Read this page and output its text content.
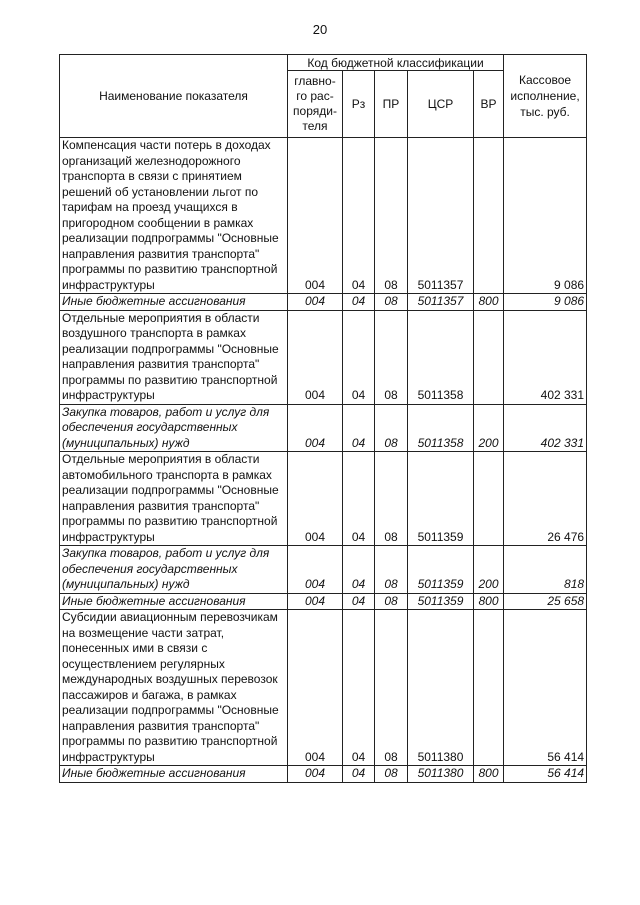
20
Наименование показателя	Код бюджетной классификации					Кассовое исполнение, тыс. руб.
	главно-го рас-поряди-теля	Рз	ПР	ЦСР	ВР	
Компенсация части потерь в доходах организаций железнодорожного транспорта в связи с принятием решений об установлении льгот по тарифам на проезд учащихся в пригородном сообщении в рамках реализации подпрограммы "Основные направления развития транспорта" программы по развитию транспортной инфраструктуры	004	04	08	5011357		9 086
Иные бюджетные ассигнования	004	04	08	5011357	800	9 086
Отдельные мероприятия в области воздушного транспорта в рамках реализации подпрограммы "Основные направления развития транспорта" программы по развитию транспортной инфраструктуры	004	04	08	5011358		402 331
Закупка товаров, работ и услуг для обеспечения государственных (муниципальных) нужд	004	04	08	5011358	200	402 331
Отдельные мероприятия в области автомобильного транспорта в рамках реализации подпрограммы "Основные направления развития транспорта" программы по развитию транспортной инфраструктуры	004	04	08	5011359		26 476
Закупка товаров, работ и услуг для обеспечения государственных (муниципальных) нужд	004	04	08	5011359	200	818
Иные бюджетные ассигнования	004	04	08	5011359	800	25 658
Субсидии авиационным перевозчикам на возмещение части затрат, понесенных ими в связи с осуществлением регулярных международных воздушных перевозок пассажиров и багажа, в рамках реализации подпрограммы "Основные направления развития транспорта" программы по развитию транспортной инфраструктуры	004	04	08	5011380		56 414
Иные бюджетные ассигнования	004	04	08	5011380	800	56 414
